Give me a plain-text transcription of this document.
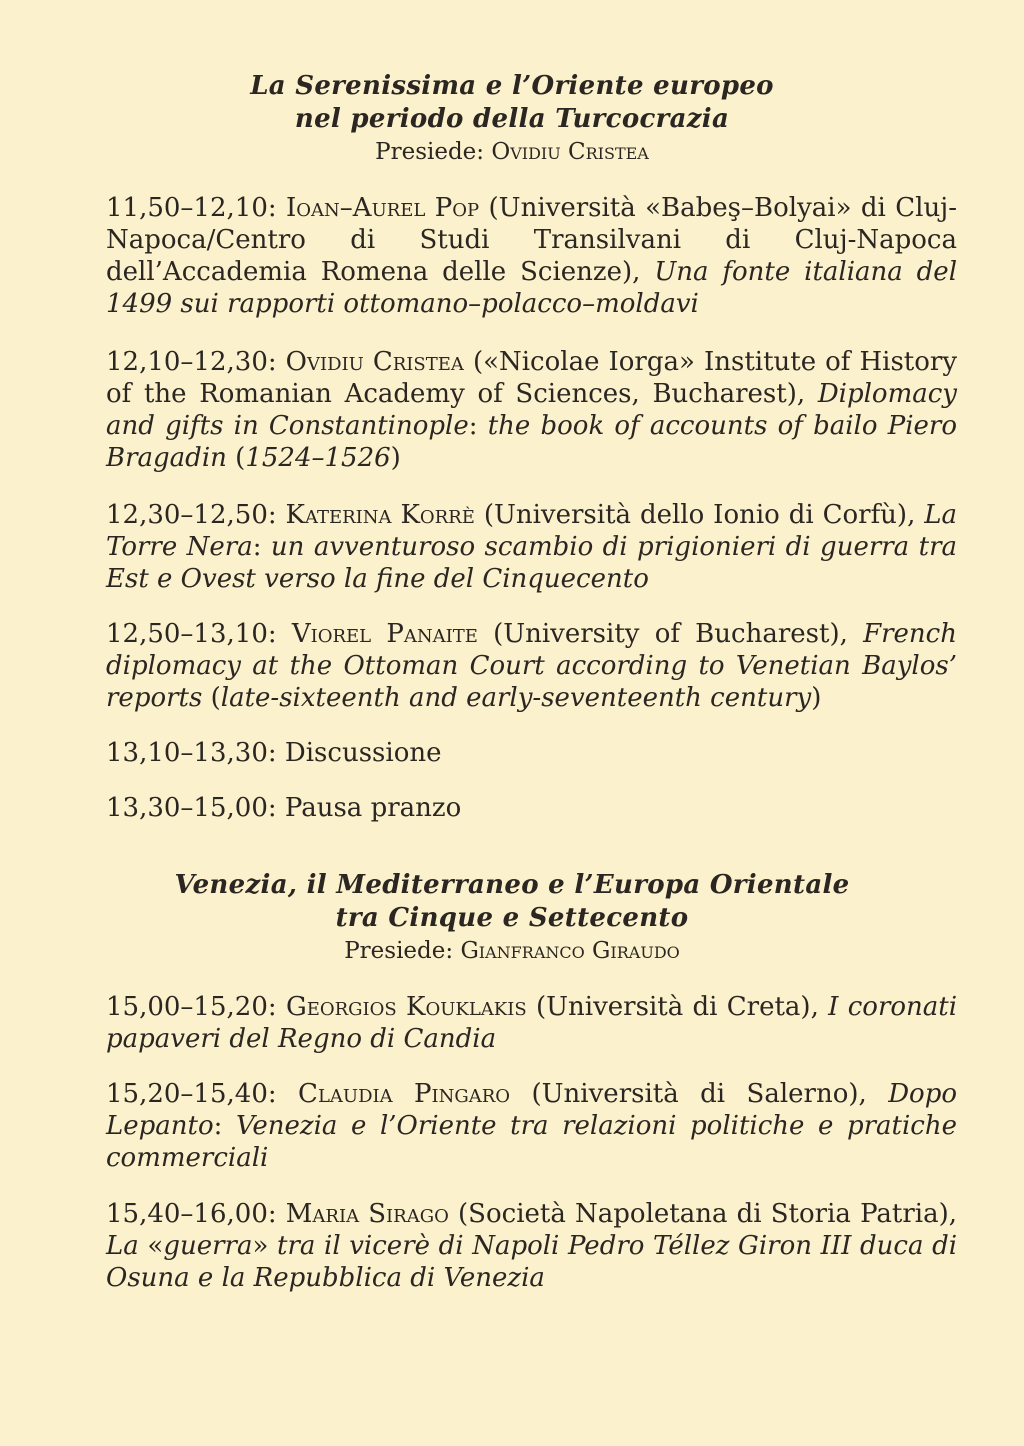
La Serenissima e l’Oriente europeo
nel periodo della Turcocrazia
Presiede: Ovidiu Cristea
11,50–12,10: Ioan–Aurel Pop (Università «Babeş–Bolyai» di Cluj-Napoca/Centro di Studi Transilvani di Cluj-Napoca dell’Accademia Romena delle Scienze), Una fonte italiana del 1499 sui rapporti ottomano–polacco–moldavi
12,10–12,30: Ovidiu Cristea («Nicolae Iorga» Institute of History of the Romanian Academy of Sciences, Bucharest), Diplomacy and gifts in Constantinople: the book of accounts of bailo Piero Bragadin (1524–1526)
12,30–12,50: Katerina Korrè (Università dello Ionio di Corfù), La Torre Nera: un avventuroso scambio di prigionieri di guerra tra Est e Ovest verso la fine del Cinquecento
12,50–13,10: Viorel Panaite (University of Bucharest), French diplomacy at the Ottoman Court according to Venetian Baylos’ reports (late-sixteenth and early-seventeenth century)
13,10–13,30: Discussione
13,30–15,00: Pausa pranzo
Venezia, il Mediterraneo e l’Europa Orientale
tra Cinque e Settecento
Presiede: Gianfranco Giraudo
15,00–15,20: Georgios Kouklakis (Università di Creta), I coronati papaveri del Regno di Candia
15,20–15,40: Claudia Pingaro (Università di Salerno), Dopo Lepanto: Venezia e l’Oriente tra relazioni politiche e pratiche commerciali
15,40–16,00: Maria Sirago (Società Napoletana di Storia Patria), La «guerra» tra il vicerè di Napoli Pedro Téllez Giron III duca di Osuna e la Repubblica di Venezia
